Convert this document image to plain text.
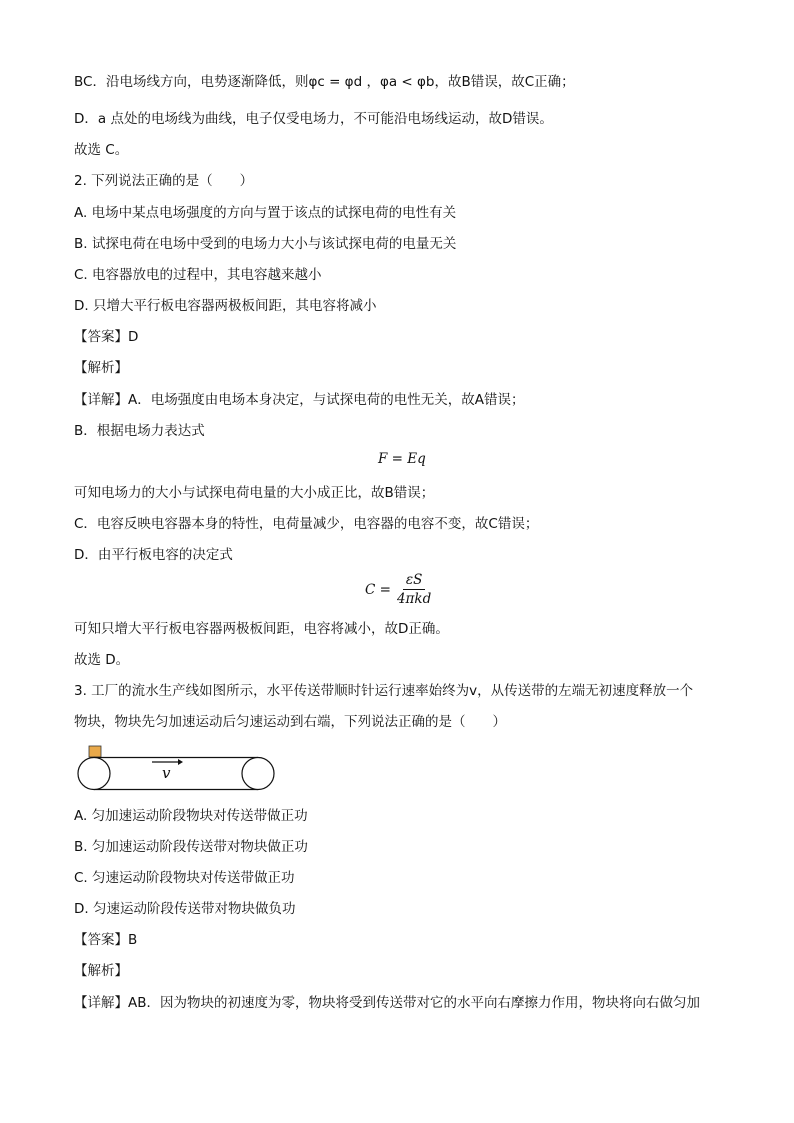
BC．沿电场线方向，电势逐渐降低，则φc = φd ，φa < φb，故B错误，故C正确；
D．a 点处的电场线为曲线，电子仅受电场力，不可能沿电场线运动，故D错误。
故选 C。
2. 下列说法正确的是（　　）
A. 电场中某点电场强度的方向与置于该点的试探电荷的电性有关
B. 试探电荷在电场中受到的电场力大小与该试探电荷的电量无关
C. 电容器放电的过程中，其电容越来越小
D. 只增大平行板电容器两极板间距，其电容将减小
【答案】D
【解析】
【详解】A．电场强度由电场本身决定，与试探电荷的电性无关，故A错误；
B．根据电场力表达式
F = Eq
可知电场力的大小与试探电荷电量的大小成正比，故B错误；
C．电容反映电容器本身的特性，电荷量减少，电容器的电容不变，故C错误；
D．由平行板电容的决定式
$C = \frac{\varepsilon S}{\text{4πkd}}$
可知只增大平行板电容器两极板间距，电容将减小，故D正确。
故选 D。
3. 工厂的流水生产线如图所示，水平传送带顺时针运行速率始终为v，从传送带的左端无初速度释放一个
物块，物块先匀加速运动后匀速运动到右端，下列说法正确的是（　　）
v
A. 匀加速运动阶段物块对传送带做正功
B. 匀加速运动阶段传送带对物块做正功
C. 匀速运动阶段物块对传送带做正功
D. 匀速运动阶段传送带对物块做负功
【答案】B
【解析】
【详解】AB．因为物块的初速度为零，物块将受到传送带对它的水平向右摩擦力作用，物块将向右做匀加
